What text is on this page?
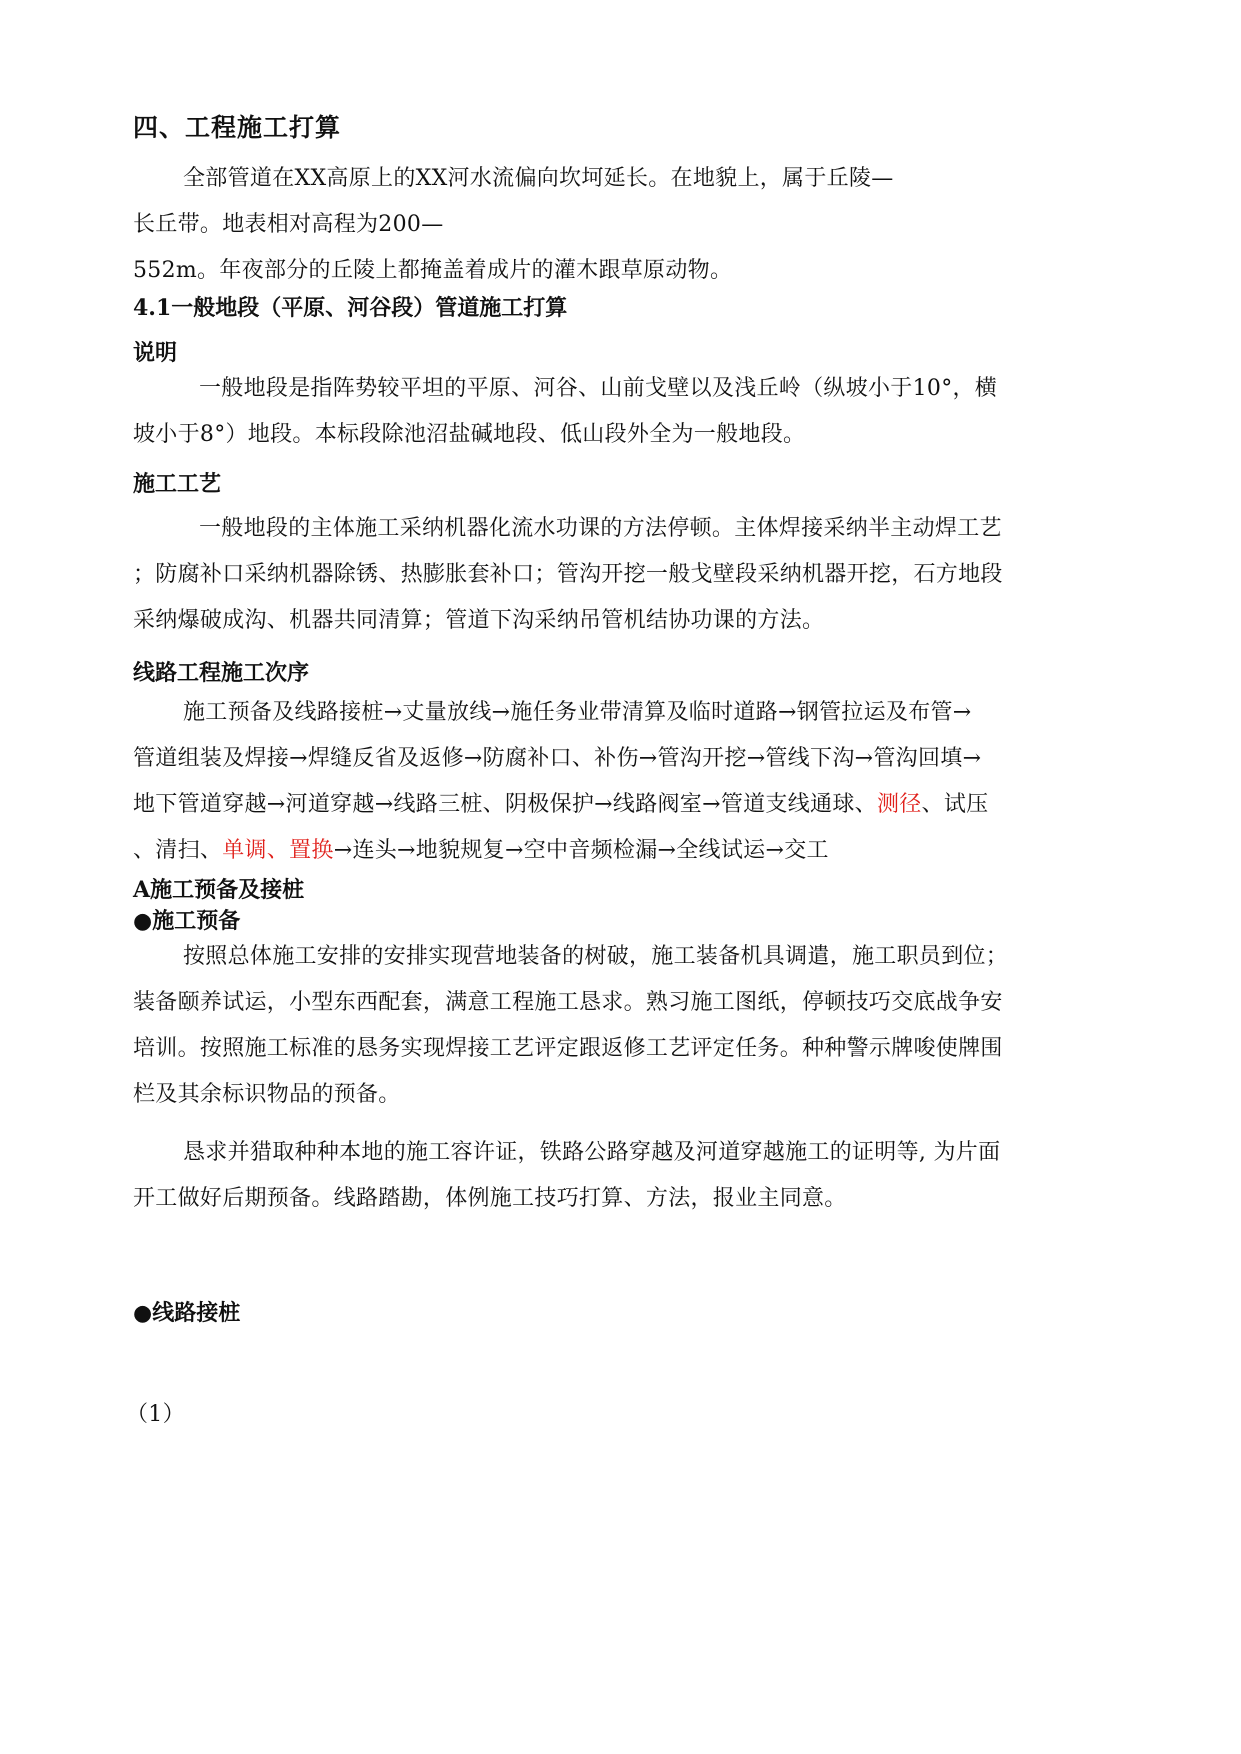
四、工程施工打算
全部管道在XX高原上的XX河水流偏向坎坷延长。在地貌上，属于丘陵—
长丘带。地表相对高程为200—
552m。年夜部分的丘陵上都掩盖着成片的灌木跟草原动物。
4.1一般地段（平原、河谷段）管道施工打算
说明
一般地段是指阵势较平坦的平原、河谷、山前戈壁以及浅丘岭（纵坡小于10°，横
坡小于8°）地段。本标段除池沼盐碱地段、低山段外全为一般地段。
施工工艺
一般地段的主体施工采纳机器化流水功课的方法停顿。主体焊接采纳半主动焊工艺
；防腐补口采纳机器除锈、热膨胀套补口；管沟开挖一般戈壁段采纳机器开挖，石方地段
采纳爆破成沟、机器共同清算；管道下沟采纳吊管机结协功课的方法。
线路工程施工次序
施工预备及线路接桩→丈量放线→施任务业带清算及临时道路→钢管拉运及布管→
管道组装及焊接→焊缝反省及返修→防腐补口、补伤→管沟开挖→管线下沟→管沟回填→
地下管道穿越→河道穿越→线路三桩、阴极保护→线路阀室→管道支线通球、测径、试压
、清扫、单调、置换→连头→地貌规复→空中音频检漏→全线试运→交工
A施工预备及接桩
●施工预备
按照总体施工安排的安排实现营地装备的树破，施工装备机具调遣，施工职员到位；
装备颐养试运，小型东西配套，满意工程施工恳求。熟习施工图纸，停顿技巧交底战争安
培训。按照施工标准的恳务实现焊接工艺评定跟返修工艺评定任务。种种警示牌唆使牌围
栏及其余标识物品的预备。
恳求并猎取种种本地的施工容许证，铁路公路穿越及河道穿越施工的证明等, 为片面
开工做好后期预备。线路踏勘，体例施工技巧打算、方法，报业主同意。
●线路接桩
（1）
